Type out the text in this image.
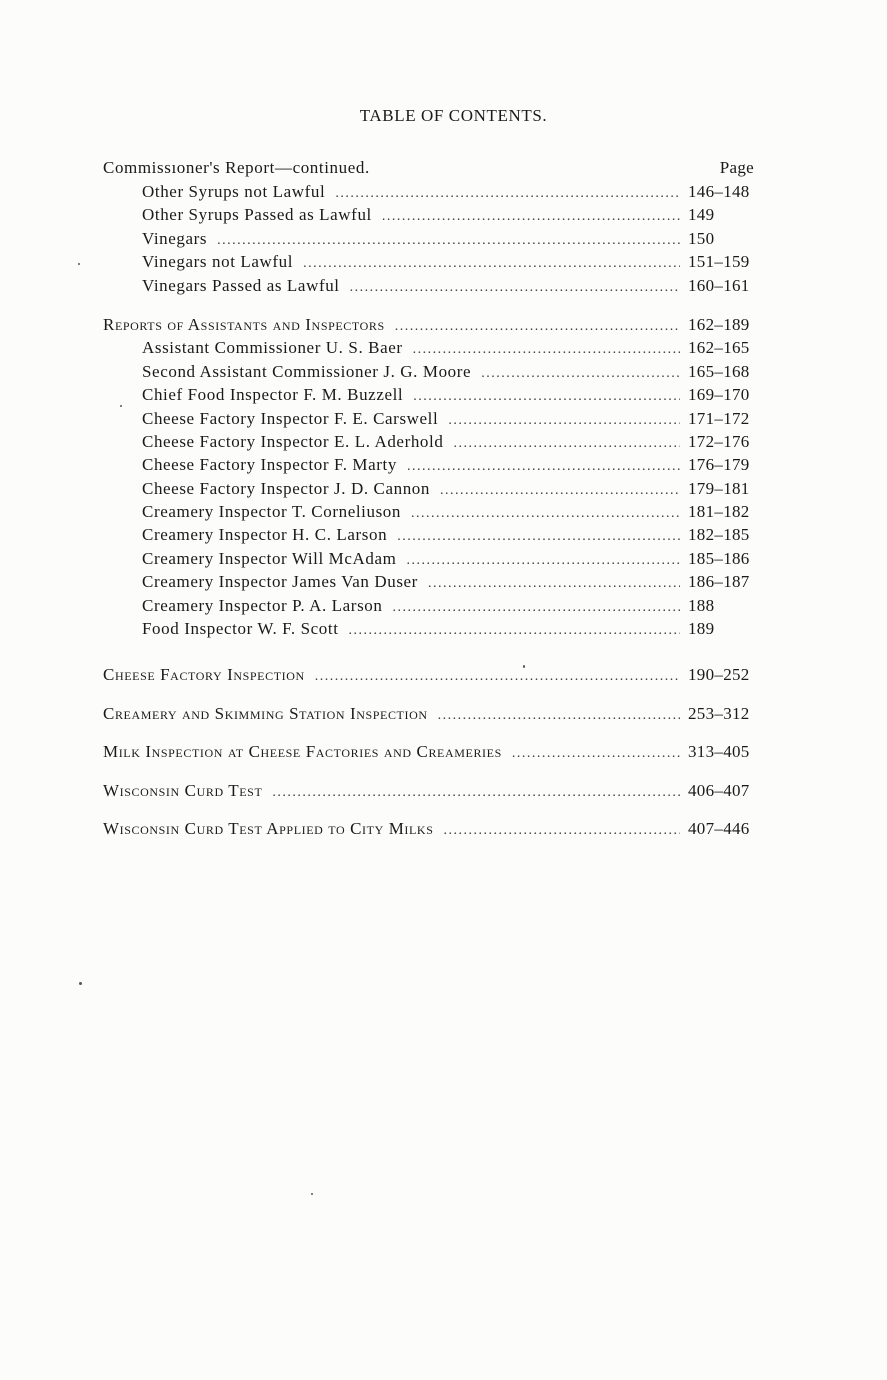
TABLE OF CONTENTS.
Commissıoner's Report—continued.	Page
Other Syrups not Lawful . . .	146–148
Other Syrups Passed as Lawful . . .	149
Vinegars . . .	150
Vinegars not Lawful . . .	151–159
Vinegars Passed as Lawful . . .	160–161
Reports of Assistants and Inspectors . . .	162–189
Assistant Commissioner U. S. Baer . . .	162–165
Second Assistant Commissioner J. G. Moore . . .	165–168
Chief Food Inspector F. M. Buzzell . . .	169–170
Cheese Factory Inspector F. E. Carswell . . .	171–172
Cheese Factory Inspector E. L. Aderhold . . .	172–176
Cheese Factory Inspector F. Marty . . .	176–179
Cheese Factory Inspector J. D. Cannon . . .	179–181
Creamery Inspector T. Corneliuson . . .	181–182
Creamery Inspector H. C. Larson . . .	182–185
Creamery Inspector Will McAdam . . .	185–186
Creamery Inspector James Van Duser . . .	186–187
Creamery Inspector P. A. Larson . . .	188
Food Inspector W. F. Scott . . .	189
Cheese Factory Inspection . . .	190–252
Creamery and Skimming Station Inspection . . .	253–312
Milk Inspection at Cheese Factories and Creameries . . .	313–405
Wisconsin Curd Test . . .	406–407
Wisconsin Curd Test Applied to City Milks . . .	407–446
